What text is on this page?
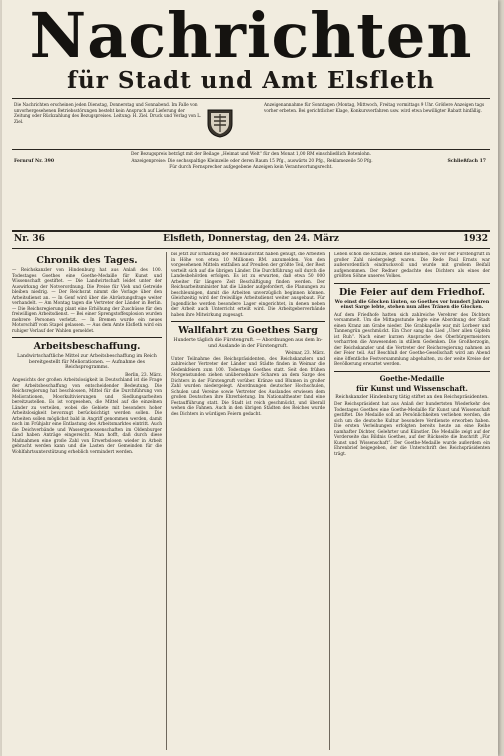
Nachrichten
für Stadt und Amt Elsfleth
Die Nachrichten erscheinen jeden Dienstag, Donnerstag und Sonnabend. Im Falle von unvorhergesehenen Betriebsstörungen besteht kein Anspruch auf Lieferung der Zeitung oder Rückzahlung des Bezugspreises. Leitung: H. Ziel. Druck und Verlag von L. Ziel.
Anzeigenannahme für Sonntagen (Montag, Mittwoch, Freitag vormittags 9 Uhr. Größere Anzeigen tags vorher erbeten. Bei gerichtlicher Klage, Konkursverfahren usw. wird etwa bewilligter Rabatt hinfällig.
Der Bezugspreis beträgt mit der Beilage „Heimat und Welt“ für den Monat 1,00 RM einschließlich Botenlohn.
Fernruf Nr. 390	Anzeigenpreise: Die sechsspaltige Kleinzeile oder deren Raum 15 Pfg., auswärts 20 Pfg., Reklamezeile 50 Pfg.	Schließfach 17
Für durch Fernsprecher aufgegebene Anzeigen kein Verantwortungsrecht.
Nr. 36	Elsfleth, Donnerstag, den 24. März	1932
Chronik des Tages.

— Reichskanzler von Hindenburg hat aus Anlaß des 100. Todestages Goethes eine Goethe-Medaille für Kunst und Wissenschaft gestiftet. — Die Landwirtschaft leidet unter der Auswirkung der Notverordnung. Die Preise für Vieh und Getreide bleiben niedrig. — Der Reichsrat nimmt die Vorlage über den Arbeitsdienst an. — In Genf wird über die Abrüstungsfrage weiter verhandelt. — Am Montag tagen die Vertreter der Länder in Berlin. — Die Reichsregierung plant eine Erhöhung der Zuschüsse für den freiwilligen Arbeitsdienst. — Bei einer Sprengstoffexplosion wurden mehrere Personen verletzt. — In Bremen wurde ein neues Motorschiff vom Stapel gelassen. — Aus dem Amte Elsfleth wird ein ruhiger Verlauf der Wahlen gemeldet.

Arbeitsbeschaffung.

Landwirtschaftliche Mittel zur Arbeitsbeschaffung im Reich bereitgestellt für Meliorationen. — Aufnahme des Reichsprogramms.

Berlin, 23. März.

Angesichts der großen Arbeitslosigkeit in Deutschland ist die Frage der Arbeitsbeschaffung von entscheidender Bedeutung. Die Reichsregierung hat beschlossen, Mittel für die Durchführung von Meliorationen, Moorkultivierungen und Siedlungsarbeiten bereitzustellen. Es ist vorgesehen, die Mittel auf die einzelnen Länder zu verteilen, wobei die Gebiete mit besonders hoher Arbeitslosigkeit bevorzugt berücksichtigt werden sollen. Die Arbeiten sollen möglichst bald in Angriff genommen werden, damit noch im Frühjahr eine Entlastung des Arbeitsmarktes eintritt. Auch die Deichverbände und Wassergenossenschaften im Oldenburger Land haben Anträge eingereicht. Man hofft, daß durch diese Maßnahmen eine große Zahl von Erwerbslosen wieder in Arbeit gebracht werden kann und die Lasten der Gemeinden für die Wohlfahrtsunterstützung erheblich vermindert werden.

bis jetzt zur Erhaltung der Reichsautorität haben genügt, die Arbeiten in Höhe von etwa 10 Millionen RM. anzumelden. Von den vorgesehenen Mitteln entfallen auf Preußen der größte Teil, der Rest verteilt sich auf die übrigen Länder. Die Durchführung soll durch die Landesbehörden erfolgen. Es ist zu erwarten, daß etwa 50 000 Arbeiter für längere Zeit Beschäftigung finden werden. Der Reichsarbeitsminister hat die Länder aufgefordert, die Planungen zu beschleunigen, damit die Arbeiten unverzüglich beginnen können. Gleichzeitig wird der freiwillige Arbeitsdienst weiter ausgebaut. Für Jugendliche werden besondere Lager eingerichtet, in denen neben der Arbeit auch Unterricht erteilt wird. Die Arbeitgeberverbände haben ihre Mitwirkung zugesagt.

Wallfahrt zu Goethes Sarg

Hunderte täglich die Fürstengruft. — Abordnungen aus dem In- und Auslande in der Fürstengruft.

Weimar, 23. März.

Unter Teilnahme des Reichspräsidenten, des Reichskanzlers und zahlreicher Vertreter der Länder und Städte finden in Weimar die Gedenkfeiern zum 100. Todestage Goethes statt. Seit den frühen Morgenstunden ziehen unübersehbare Scharen an dem Sarge des Dichters in der Fürstengruft vorüber. Kränze und Blumen in großer Zahl wurden niedergelegt. Abordnungen deutscher Hochschulen, Schulen und Vereine sowie Vertreter des Auslandes erwiesen dem großen Deutschen ihre Ehrerbietung. Im Nationaltheater fand eine Festaufführung statt. Die Stadt ist reich geschmückt, und überall wehen die Fahnen. Auch in den übrigen Städten des Reiches wurde des Dichters in würdigen Feiern gedacht.

Leben schon die Kränze, denen die Blumen, die vor der Fürstengruft in großer Zahl niedergelegt waren. Die Rede Paul Ernsts war außerordentlich eindrucksvoll und wurde mit großem Beifall aufgenommen. Der Redner gedachte des Dichters als eines der größten Söhne unseres Volkes.

Die Feier auf dem Friedhof.

Wo einst die Glocken läuten, so Goethes vor hundert Jahren einst Sarge lebte, stehen nun alles Tränen die Glocken.

Auf dem Friedhofe hatten sich zahlreiche Verehrer des Dichters versammelt. Um die Mittagsstunde legte eine Abordnung der Stadt einen Kranz am Grabe nieder. Die Grabkapelle war mit Lorbeer und Tannengrün geschmückt. Ein Chor sang das Lied „Über allen Gipfeln ist Ruh“. Nach einer kurzen Ansprache des Oberbürgermeisters verharrten die Anwesenden in stillem Gedenken. Die Großherzogin, der Reichskanzler und die Vertreter der Reichsregierung nahmen an der Feier teil. Auf Beschluß der Goethe-Gesellschaft wird am Abend eine öffentliche Festversammlung abgehalten, zu der weite Kreise der Bevölkerung erwartet werden.

Goethe-Medaille
für Kunst und Wissenschaft.

Reichskanzler Hindenburg tätig stiftet an den Reichspräsidenten.

Der Reichspräsident hat aus Anlaß der hundertsten Wiederkehr des Todestages Goethes eine Goethe-Medaille für Kunst und Wissenschaft gestiftet. Die Medaille soll an Persönlichkeiten verliehen werden, die sich um die deutsche Kultur besondere Verdienste erworben haben. Die ersten Verleihungen erfolgten bereits heute an eine Reihe namhafter Dichter, Gelehrter und Künstler. Die Medaille zeigt auf der Vorderseite das Bildnis Goethes, auf der Rückseite die Inschrift „Für Kunst und Wissenschaft“. Der Goethe-Medaille wurde außerdem ein Ehrenbrief beigegeben, der die Unterschrift des Reichspräsidenten trägt.
